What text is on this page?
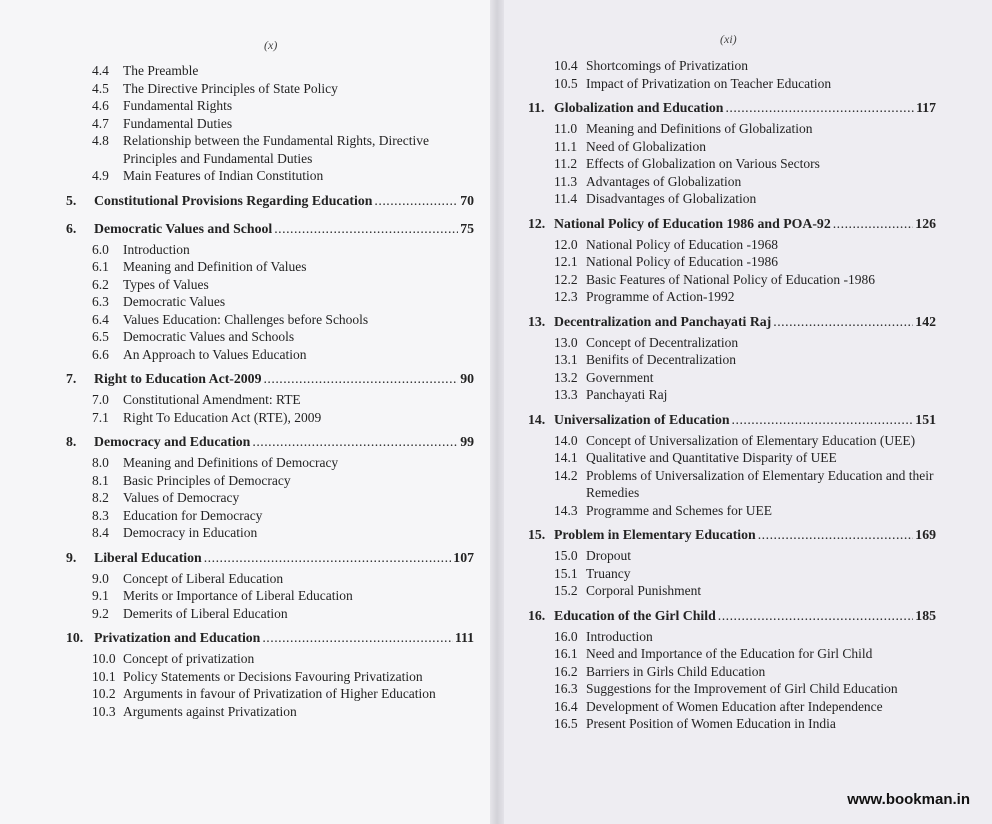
(x)
4.4	The Preamble
4.5	The Directive Principles of State Policy
4.6	Fundamental Rights
4.7	Fundamental Duties
4.8	Relationship between the Fundamental Rights, Directive Principles and Fundamental Duties
4.9	Main Features of Indian Constitution
5.	Constitutional Provisions Regarding Education .....	70
6.	Democratic Values and School .....	75
6.0	Introduction
6.1	Meaning and Definition of Values
6.2	Types of Values
6.3	Democratic Values
6.4	Values Education: Challenges before Schools
6.5	Democratic Values and Schools
6.6	An Approach to Values Education
7.	Right to Education Act-2009 .....	90
7.0	Constitutional Amendment: RTE
7.1	Right To Education Act (RTE), 2009
8.	Democracy and Education .....	99
8.0	Meaning and Definitions of Democracy
8.1	Basic Principles of Democracy
8.2	Values of Democracy
8.3	Education for Democracy
8.4	Democracy in Education
9.	Liberal Education .....	107
9.0	Concept of Liberal Education
9.1	Merits or Importance of Liberal Education
9.2	Demerits of Liberal Education
10. Privatization and Education .....	111
10.0 Concept of privatization
10.1 Policy Statements or Decisions Favouring Privatization
10.2 Arguments in favour of Privatization of Higher Education
10.3 Arguments against Privatization
(xi)
10.4 Shortcomings of Privatization
10.5 Impact of Privatization on Teacher Education
11. Globalization and Education .....	117
11.0 Meaning and Definitions of Globalization
11.1 Need of Globalization
11.2 Effects of Globalization on Various Sectors
11.3 Advantages of Globalization
11.4 Disadvantages of Globalization
12. National Policy of Education 1986 and POA-92 .....	126
12.0 National Policy of Education -1968
12.1 National Policy of Education -1986
12.2 Basic Features of National Policy of Education -1986
12.3 Programme of Action-1992
13. Decentralization and Panchayati Raj .....	142
13.0 Concept of Decentralization
13.1 Benifits of Decentralization
13.2 Government
13.3 Panchayati Raj
14. Universalization of Education .....	151
14.0 Concept of Universalization of Elementary Education (UEE)
14.1 Qualitative and Quantitative Disparity of UEE
14.2 Problems of Universalization of Elementary Education and their Remedies
14.3 Programme and Schemes for UEE
15. Problem in Elementary Education .....	169
15.0 Dropout
15.1 Truancy
15.2 Corporal Punishment
16. Education of the Girl Child .....	185
16.0 Introduction
16.1 Need and Importance of the Education for Girl Child
16.2 Barriers in Girls Child Education
16.3 Suggestions for the Improvement of Girl Child Education
16.4 Development of Women Education after Independence
16.5 Present Position of Women Education in India
www.bookman.in
